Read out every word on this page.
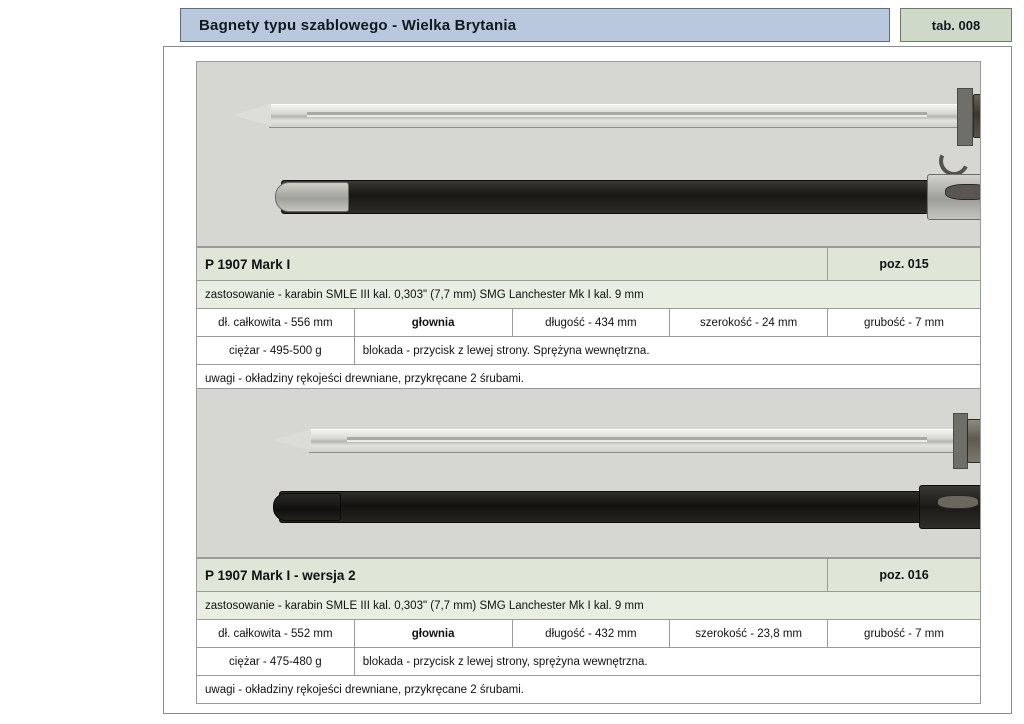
Bagnety typu szablowego - Wielka Brytania	tab. 008
P 1907 Mark I				poz. 015
zastosowanie - karabin SMLE III kal. 0,303" (7,7 mm) SMG Lanchester Mk I kal. 9 mm				
dł. całkowita - 556 mm	głownia	długość - 434 mm	szerokość - 24 mm	grubość - 7 mm
ciężar - 495-500 g	blokada - przycisk z lewej strony. Sprężyna wewnętrzna.			
uwagi - okładziny rękojeści drewniane, przykręcane 2 śrubami.				
P 1907 Mark I - wersja 2				poz. 016
zastosowanie - karabin SMLE III kal. 0,303" (7,7 mm) SMG Lanchester Mk I kal. 9 mm				
dł. całkowita - 552 mm	głownia	długość - 432 mm	szerokość - 23,8 mm	grubość - 7 mm
ciężar - 475-480 g	blokada - przycisk z lewej strony, sprężyna wewnętrzna.			
uwagi - okładziny rękojeści drewniane, przykręcane 2 śrubami.				
